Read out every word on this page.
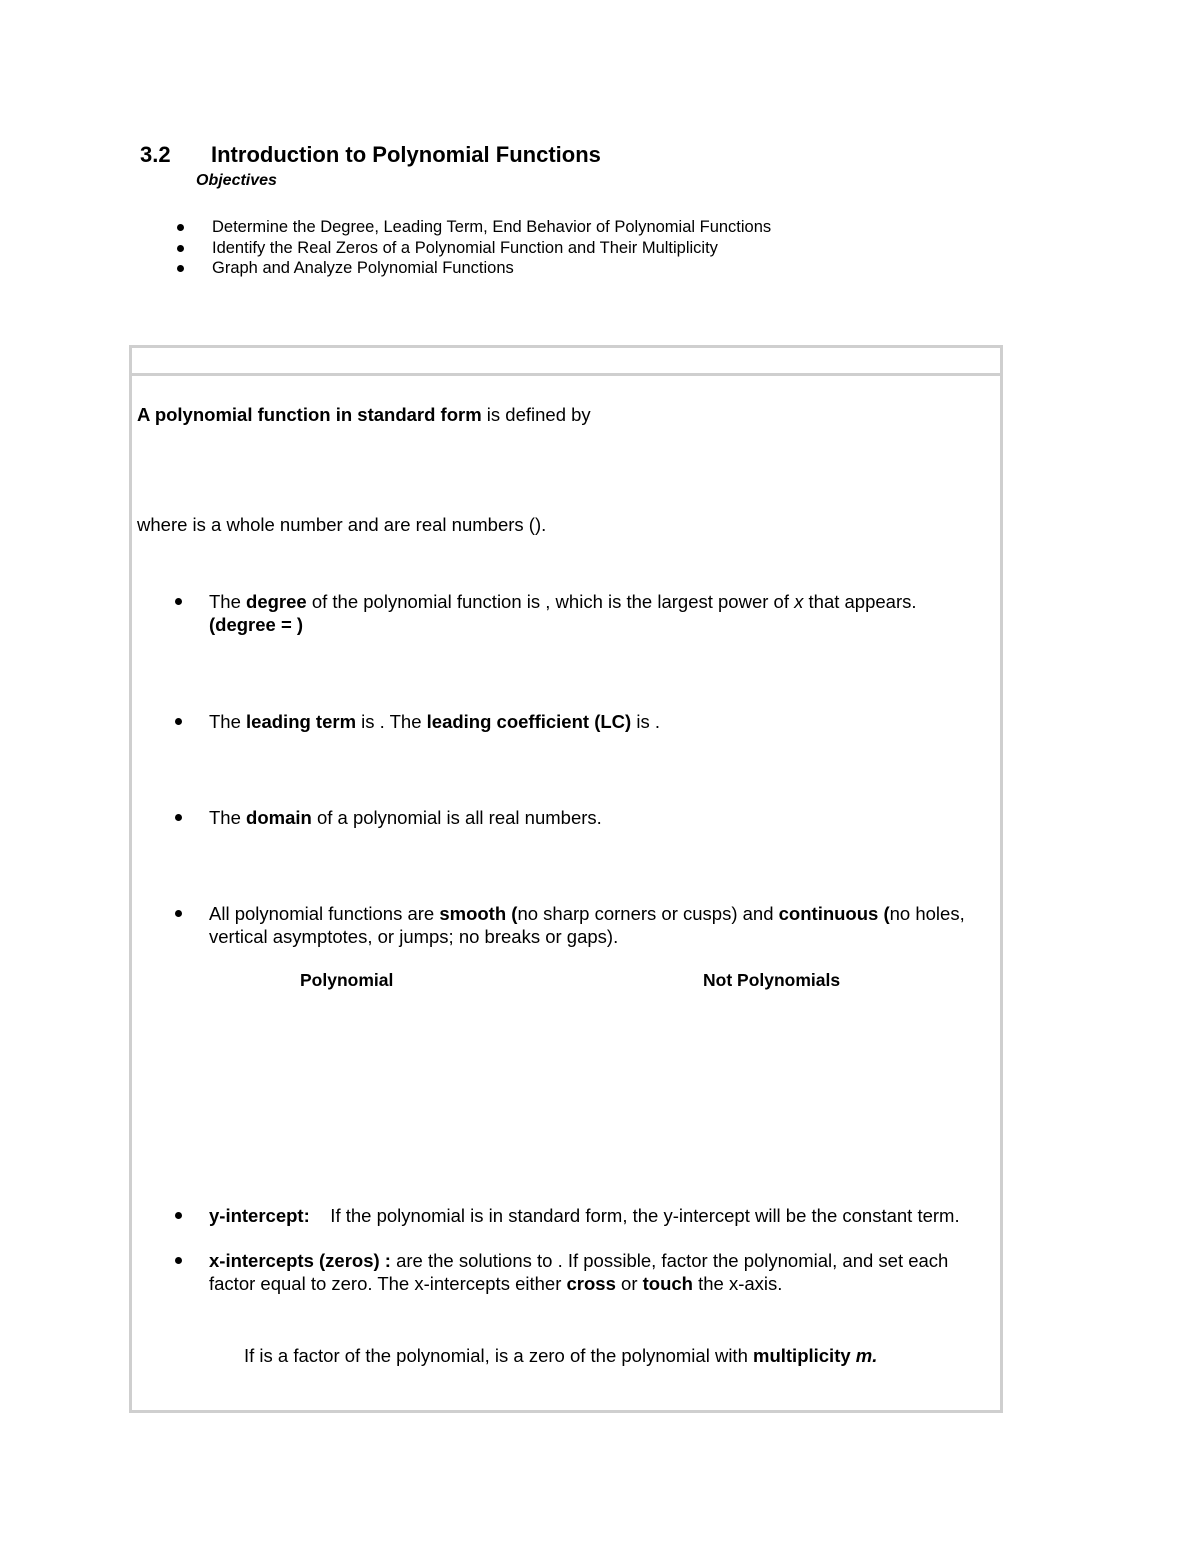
3.2 Introduction to Polynomial Functions
Objectives
Determine the Degree, Leading Term, End Behavior of Polynomial Functions
Identify the Real Zeros of a Polynomial Function and Their Multiplicity
Graph and Analyze Polynomial Functions
A polynomial function in standard form is defined by
where is a whole number and are real numbers ().
The degree of the polynomial function is , which is the largest power of x that appears.
(degree = )
The leading term is . The leading coefficient (LC) is .
The domain of a polynomial is all real numbers.
All polynomial functions are smooth (no sharp corners or cusps) and continuous (no holes, vertical asymptotes, or jumps; no breaks or gaps).
Polynomial	Not Polynomials
y-intercept:    If the polynomial is in standard form, the y-intercept will be the constant term.
x-intercepts (zeros) : are the solutions to . If possible, factor the polynomial, and set each factor equal to zero. The x-intercepts either cross or touch the x-axis.
If is a factor of the polynomial, is a zero of the polynomial with multiplicity m.
